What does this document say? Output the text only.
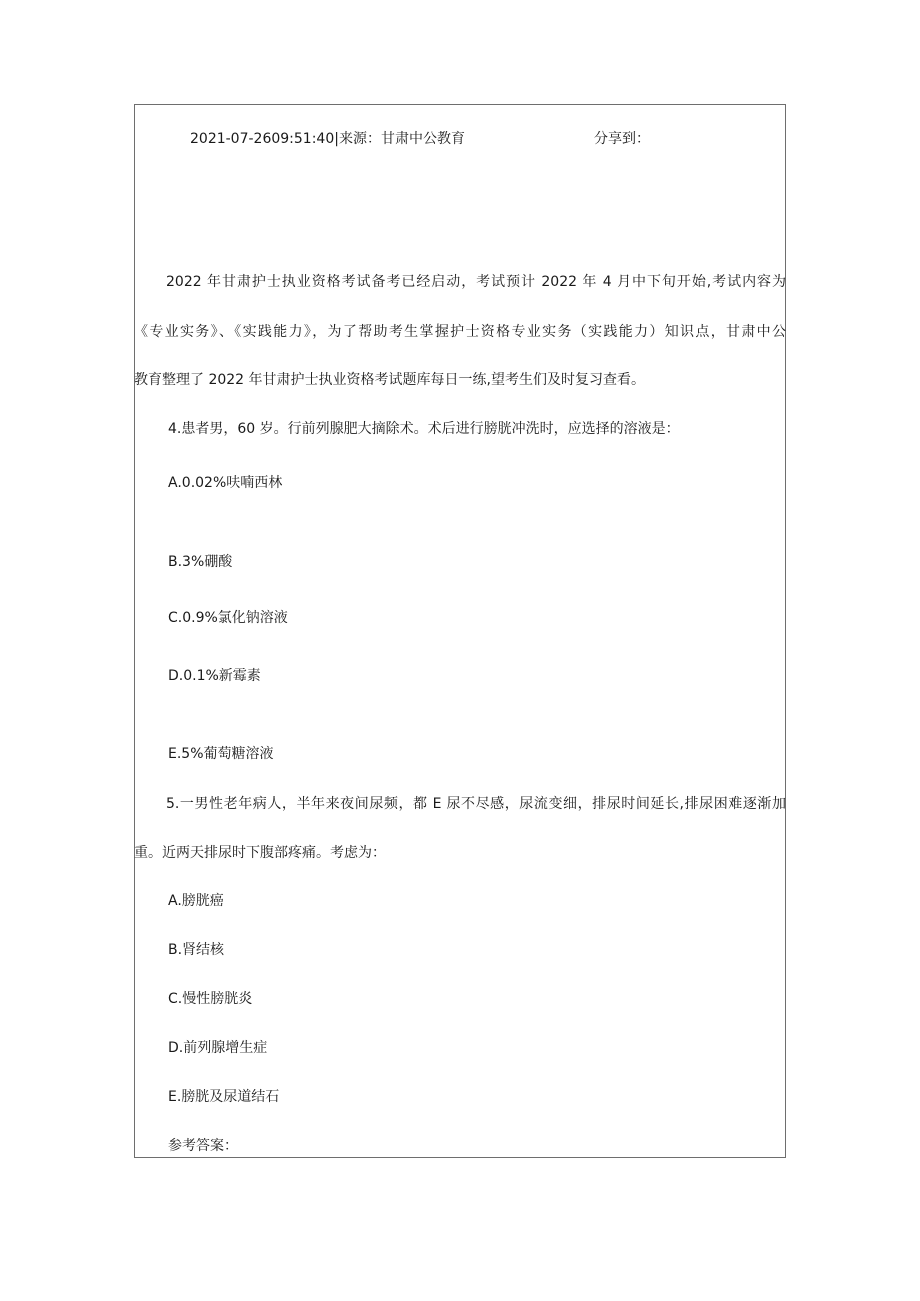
2021-07-2609:51:40|来源：甘肃中公教育	分享到：
2022 年甘肃护士执业资格考试备考已经启动，考试预计 2022 年 4 月中下旬开始,考试内容为
《专业实务》、《实践能力》，为了帮助考生掌握护士资格专业实务（实践能力）知识点，甘肃中公
教育整理了 2022 年甘肃护士执业资格考试题库每日一练,望考生们及时复习查看。
4.患者男，60 岁。行前列腺肥大摘除术。术后进行膀胱冲洗时，应选择的溶液是：
A.0.02%呋喃西林
B.3%硼酸
C.0.9%氯化钠溶液
D.0.1%新霉素
E.5%葡萄糖溶液
5.一男性老年病人，半年来夜间尿频，都 E 尿不尽感，尿流变细，排尿时间延长,排尿困难逐渐加
重。近两天排尿时下腹部疼痛。考虑为：
A.膀胱癌
B.肾结核
C.慢性膀胱炎
D.前列腺增生症
E.膀胱及尿道结石
参考答案：
